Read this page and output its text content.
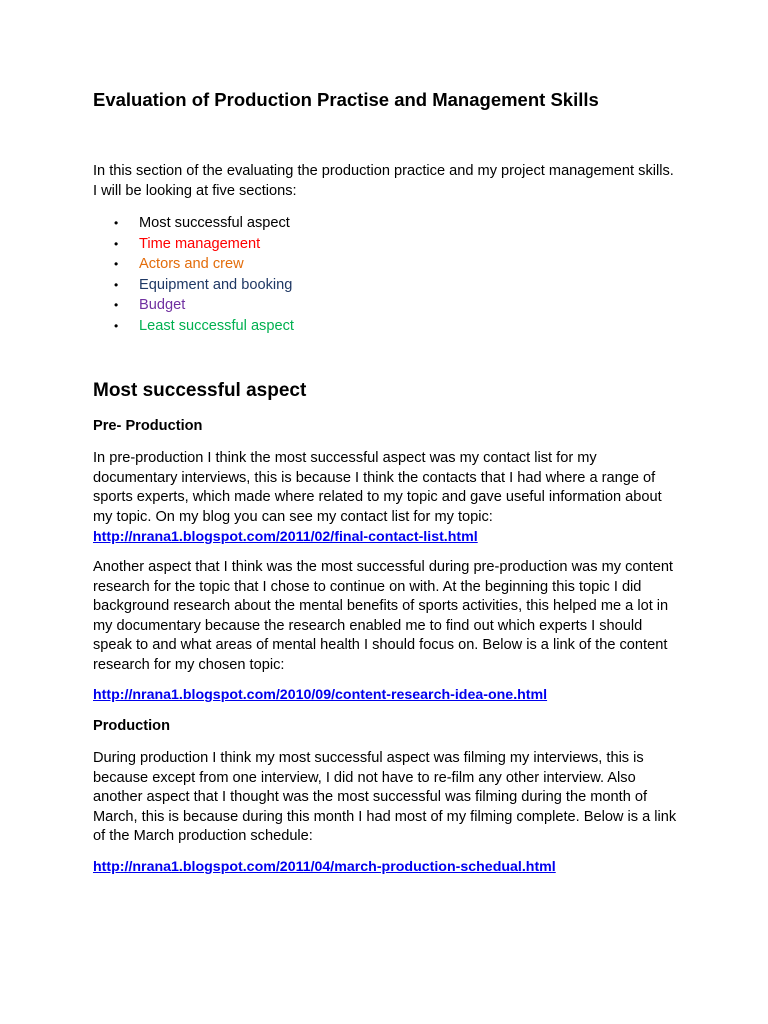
Evaluation of Production Practise and Management Skills
In this section of the evaluating the production practice and my project management skills. I will be looking at five sections:
• Most successful aspect
• Time management
• Actors and crew
• Equipment and booking
• Budget
• Least successful aspect
Most successful aspect
Pre- Production
In pre-production I think the most successful aspect was my contact list for my documentary interviews, this is because I think the contacts that I had where a range of sports experts, which made where related to my topic and gave useful information about my topic. On my blog you can see my contact list for my topic:
http://nrana1.blogspot.com/2011/02/final-contact-list.html
Another aspect that I think was the most successful during pre-production was my content research for the topic that I chose to continue on with. At the beginning this topic I did background research about the mental benefits of sports activities, this helped me a lot in my documentary because the research enabled me to find out which experts I should speak to and what areas of mental health I should focus on. Below is a link of the content research for my chosen topic:
http://nrana1.blogspot.com/2010/09/content-research-idea-one.html
Production
During production I think my most successful aspect was filming my interviews, this is because except from one interview, I did not have to re-film any other interview. Also another aspect that I thought was the most successful was filming during the month of March, this is because during this month I had most of my filming complete. Below is a link of the March production schedule:
http://nrana1.blogspot.com/2011/04/march-production-schedual.html
